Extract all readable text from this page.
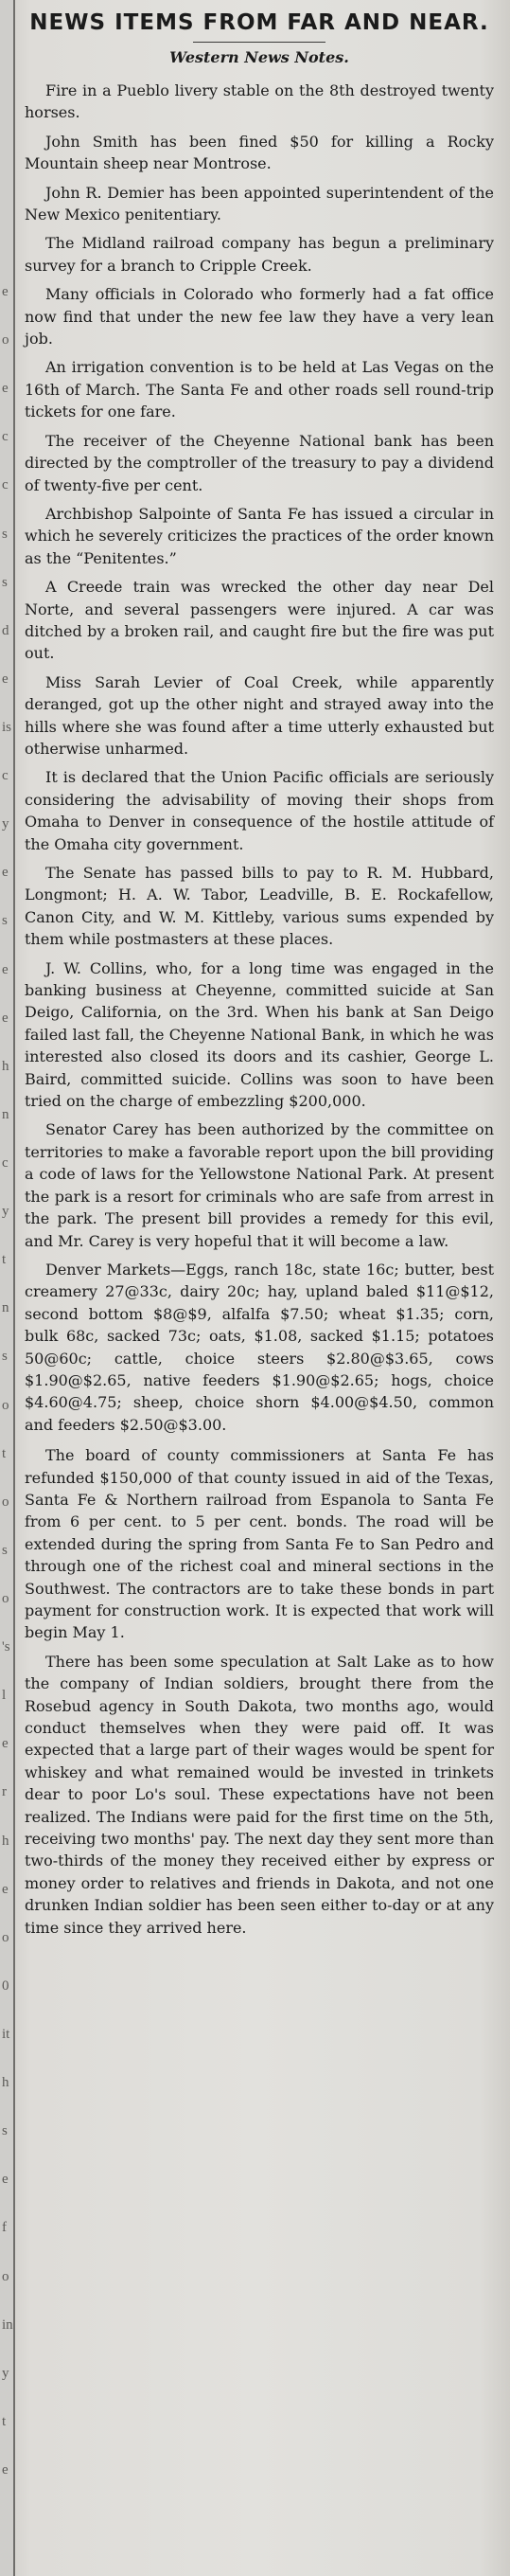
e
o
e
c
c
s
s
d
e
is
c
y
e
s
e
e
h
n
c
y
t
n
s
o
t
o
s
o
's
l
e
r
h
e
o
0
it
h
s
e
f
o
in
y
t
e
NEWS ITEMS FROM FAR AND NEAR.
Western News Notes.

Fire in a Pueblo livery stable on the 8th destroyed twenty horses.

John Smith has been fined $50 for killing a Rocky Mountain sheep near Montrose.

John R. Demier has been appointed superintendent of the New Mexico penitentiary.

The Midland railroad company has begun a preliminary survey for a branch to Cripple Creek.

Many officials in Colorado who formerly had a fat office now find that under the new fee law they have a very lean job.

An irrigation convention is to be held at Las Vegas on the 16th of March. The Santa Fe and other roads sell round-trip tickets for one fare.

The receiver of the Cheyenne National bank has been directed by the comptroller of the treasury to pay a dividend of twenty-five per cent.

Archbishop Salpointe of Santa Fe has issued a circular in which he severely criticizes the practices of the order known as the “Penitentes.”

A Creede train was wrecked the other day near Del Norte, and several passengers were injured. A car was ditched by a broken rail, and caught fire but the fire was put out.

Miss Sarah Levier of Coal Creek, while apparently deranged, got up the other night and strayed away into the hills where she was found after a time utterly exhausted but otherwise unharmed.

It is declared that the Union Pacific officials are seriously considering the advisability of moving their shops from Omaha to Denver in consequence of the hostile attitude of the Omaha city government.

The Senate has passed bills to pay to R. M. Hubbard, Longmont; H. A. W. Tabor, Leadville, B. E. Rockafellow, Canon City, and W. M. Kittleby, various sums expended by them while postmasters at these places.

J. W. Collins, who, for a long time was engaged in the banking business at Cheyenne, committed suicide at San Deigo, California, on the 3rd. When his bank at San Deigo failed last fall, the Cheyenne National Bank, in which he was interested also closed its doors and its cashier, George L. Baird, committed suicide. Collins was soon to have been tried on the charge of embezzling $200,000.

Senator Carey has been authorized by the committee on territories to make a favorable report upon the bill providing a code of laws for the Yellowstone National Park. At present the park is a resort for criminals who are safe from arrest in the park. The present bill provides a remedy for this evil, and Mr. Carey is very hopeful that it will become a law.

Denver Markets—Eggs, ranch 18c, state 16c; butter, best creamery 27@33c, dairy 20c; hay, upland baled $11@$12, second bottom $8@$9, alfalfa $7.50; wheat $1.35; corn, bulk 68c, sacked 73c; oats, $1.08, sacked $1.15; potatoes 50@60c; cattle, choice steers $2.80@$3.65, cows $1.90@$2.65, native feeders $1.90@$2.65; hogs, choice $4.60@4.75; sheep, choice shorn $4.00@$4.50, common and feeders $2.50@$3.00.

The board of county commissioners at Santa Fe has refunded $150,000 of that county issued in aid of the Texas, Santa Fe & Northern railroad from Espanola to Santa Fe from 6 per cent. to 5 per cent. bonds. The road will be extended during the spring from Santa Fe to San Pedro and through one of the richest coal and mineral sections in the Southwest. The contractors are to take these bonds in part payment for construction work. It is expected that work will begin May 1.

There has been some speculation at Salt Lake as to how the company of Indian soldiers, brought there from the Rosebud agency in South Dakota, two months ago, would conduct themselves when they were paid off. It was expected that a large part of their wages would be spent for whiskey and what remained would be invested in trinkets dear to poor Lo's soul. These expectations have not been realized. The Indians were paid for the first time on the 5th, receiving two months' pay. The next day they sent more than two-thirds of the money they received either by express or money order to relatives and friends in Dakota, and not one drunken Indian soldier has been seen either to-day or at any time since they arrived here.
